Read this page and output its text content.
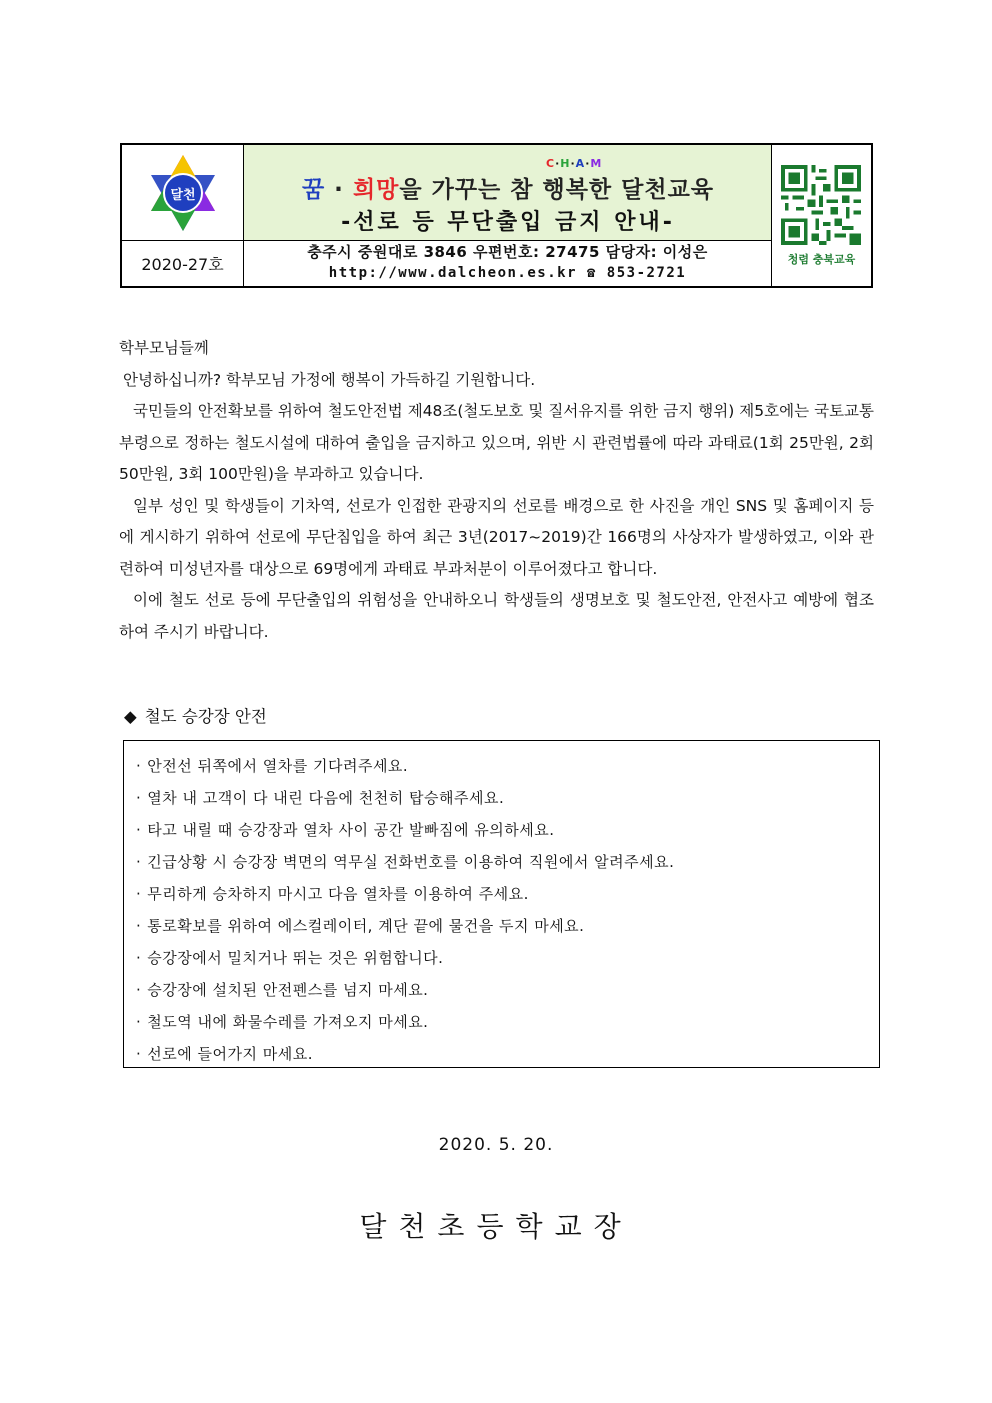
달천
2020-27호
C·H·A·M
꿈 · 희망을 가꾸는 참 행복한 달천교육
-선로 등 무단출입 금지 안내-
충주시 중원대로 3846 우편번호: 27475 담당자: 이성은
http://www.dalcheon.es.kr ☎ 853-2721
청렴 충북교육

학부모님들께

안녕하십니까? 학부모님 가정에 행복이 가득하길 기원합니다.

국민들의 안전확보를 위하여 철도안전법 제48조(철도보호 및 질서유지를 위한 금지 행위) 제5호에는 국토교통부령으로 정하는 철도시설에 대하여 출입을 금지하고 있으며, 위반 시 관련법률에 따라 과태료(1회 25만원, 2회 50만원, 3회 100만원)을 부과하고 있습니다.

일부 성인 및 학생들이 기차역, 선로가 인접한 관광지의 선로를 배경으로 한 사진을 개인 SNS 및 홈페이지 등에 게시하기 위하여 선로에 무단침입을 하여 최근 3년(2017~2019)간 166명의 사상자가 발생하였고, 이와 관련하여 미성년자를 대상으로 69명에게 과태료 부과처분이 이루어졌다고 합니다.

이에 철도 선로 등에 무단출입의 위험성을 안내하오니 학생들의 생명보호 및 철도안전, 안전사고 예방에 협조하여 주시기 바랍니다.

◆ 철도 승강장 안전
· 안전선 뒤쪽에서 열차를 기다려주세요.
· 열차 내 고객이 다 내린 다음에 천천히 탑승해주세요.
· 타고 내릴 때 승강장과 열차 사이 공간 발빠짐에 유의하세요.
· 긴급상황 시 승강장 벽면의 역무실 전화번호를 이용하여 직원에서 알려주세요.
· 무리하게 승차하지 마시고 다음 열차를 이용하여 주세요.
· 통로확보를 위하여 에스컬레이터, 계단 끝에 물건을 두지 마세요.
· 승강장에서 밀치거나 뛰는 것은 위험합니다.
· 승강장에 설치된 안전펜스를 넘지 마세요.
· 철도역 내에 화물수레를 가져오지 마세요.
· 선로에 들어가지 마세요.
2020. 5. 20.
달천초등학교장
